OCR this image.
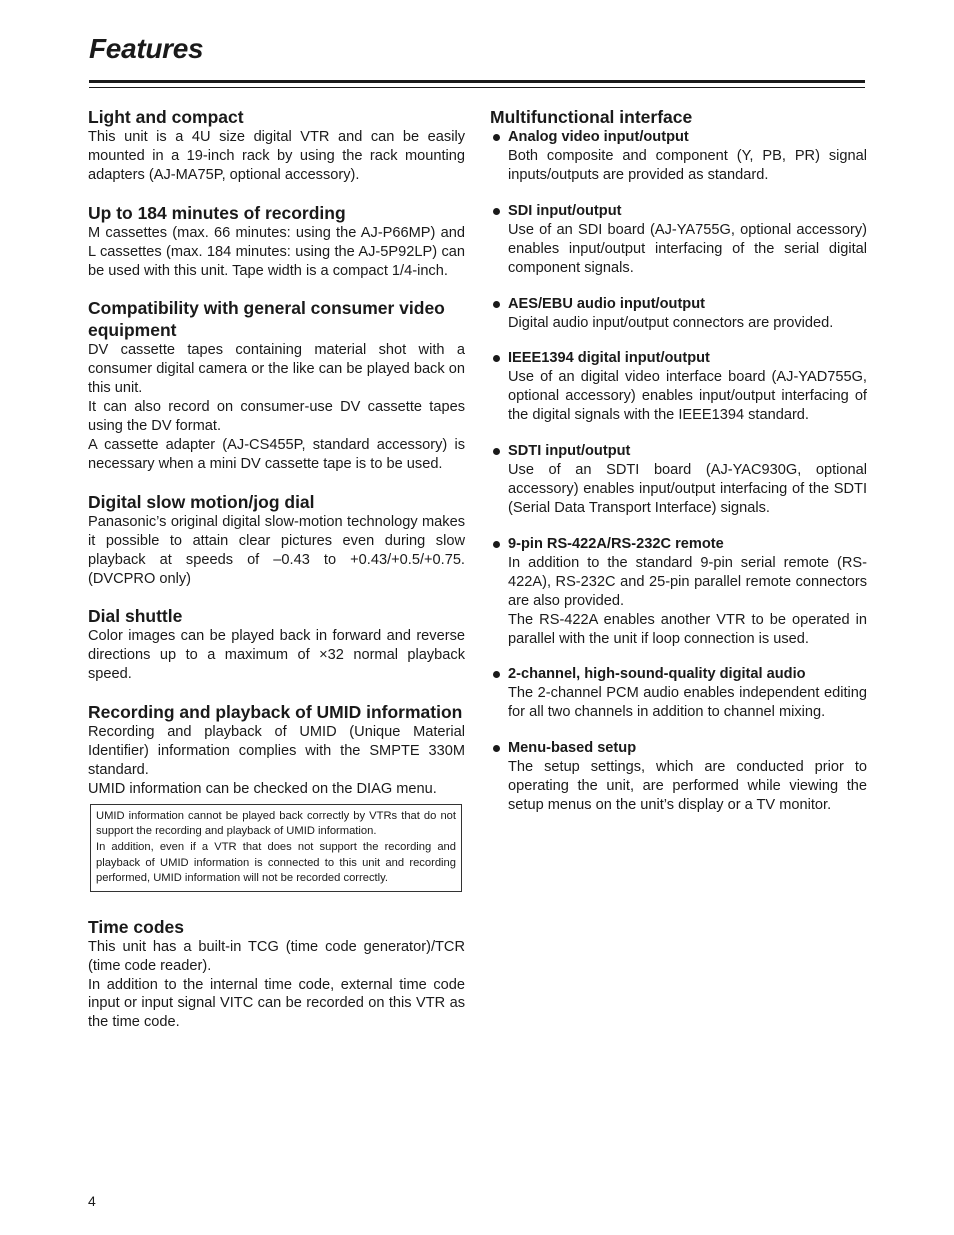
Features
Light and compact

This unit is a 4U size digital VTR and can be easily mounted in a 19-inch rack by using the rack mounting adapters (AJ-MA75P, optional accessory).

Up to 184 minutes of recording

M cassettes (max. 66 minutes: using the AJ-P66MP) and L cassettes (max. 184 minutes: using the AJ-5P92LP) can be used with this unit. Tape width is a compact 1/4-inch.

Compatibility with general consumer video equipment

DV cassette tapes containing material shot with a consumer digital camera or the like can be played back on this unit.

It can also record on consumer-use DV cassette tapes using the DV format.

A cassette adapter (AJ-CS455P, standard accessory) is necessary when a mini DV cassette tape is to be used.

Digital slow motion/jog dial

Panasonic’s original digital slow-motion technology makes it possible to attain clear pictures even during slow playback at speeds of –0.43 to +0.43/+0.5/+0.75. (DVCPRO only)

Dial shuttle

Color images can be played back in forward and reverse directions up to a maximum of ×32 normal playback speed.

Recording and playback of UMID information

Recording and playback of UMID (Unique Material Identifier) information complies with the SMPTE 330M standard.

UMID information can be checked on the DIAG menu.

UMID information cannot be played back correctly by VTRs that do not support the recording and playback of UMID information.

In addition, even if a VTR that does not support the recording and playback of UMID information is connected to this unit and recording performed, UMID information will not be recorded correctly.

Time codes

This unit has a built-in TCG (time code generator)/TCR (time code reader).

In addition to the internal time code, external time code input or input signal VITC can be recorded on this VTR as the time code.

Multifunctional interface
Analog video input/output

Both composite and component (Y, PB, PR) signal inputs/outputs are provided as standard.

SDI input/output

Use of an SDI board (AJ-YA755G, optional accessory) enables input/output interfacing of the serial digital component signals.

AES/EBU audio input/output

Digital audio input/output connectors are provided.

IEEE1394 digital input/output

Use of an digital video interface board (AJ-YAD755G, optional accessory) enables input/output interfacing of the digital signals with the IEEE1394 standard.

SDTI input/output

Use of an SDTI board (AJ-YAC930G, optional accessory) enables input/output interfacing of the SDTI (Serial Data Transport Interface) signals.

9-pin RS-422A/RS-232C remote

In addition to the standard 9-pin serial remote (RS-422A), RS-232C and 25-pin parallel remote connectors are also provided.

The RS-422A enables another VTR to be operated in parallel with the unit if loop connection is used.

2-channel, high-sound-quality digital audio

The 2-channel PCM audio enables independent editing for all two channels in addition to channel mixing.

Menu-based setup

The setup settings, which are conducted prior to operating the unit, are performed while viewing the setup menus on the unit’s display or a TV monitor.

4
